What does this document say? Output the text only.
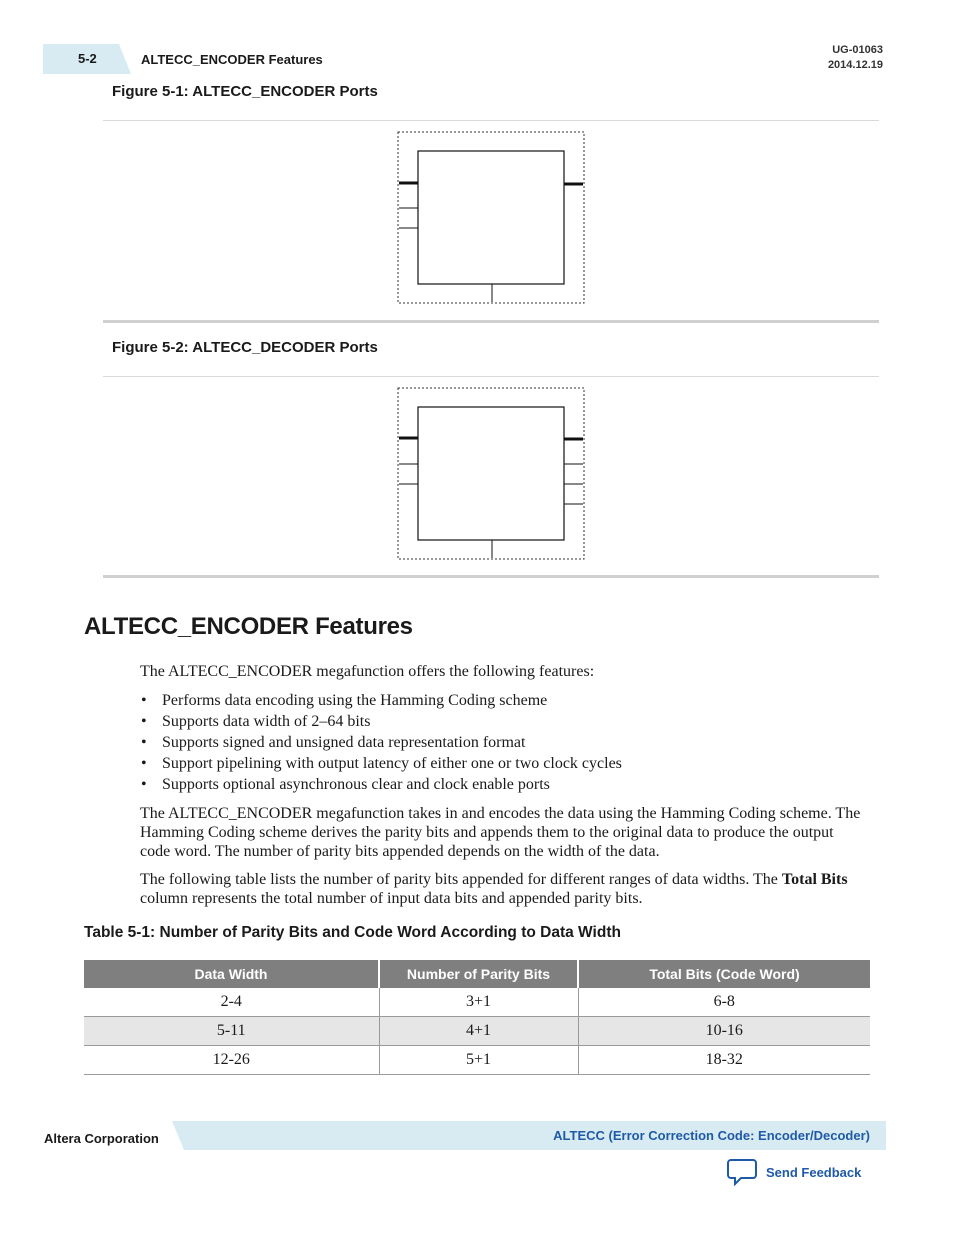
5-2	ALTECC_ENCODER Features
UG-01063
2014.12.19
Figure 5-1: ALTECC_ENCODER Ports
Figure 5-2: ALTECC_DECODER Ports
ALTECC_ENCODER Features
The ALTECC_ENCODER megafunction offers the following features:
• Performs data encoding using the Hamming Coding scheme
• Supports data width of 2–64 bits
• Supports signed and unsigned data representation format
• Support pipelining with output latency of either one or two clock cycles
• Supports optional asynchronous clear and clock enable ports
The ALTECC_ENCODER megafunction takes in and encodes the data using the Hamming Coding scheme. The Hamming Coding scheme derives the parity bits and appends them to the original data to produce the output code word. The number of parity bits appended depends on the width of the data.
The following table lists the number of parity bits appended for different ranges of data widths. The Total Bits column represents the total number of input data bits and appended parity bits.
Table 5-1: Number of Parity Bits and Code Word According to Data Width
Data Width	Number of Parity Bits	Total Bits (Code Word)
2-4	3+1	6-8
5-11	4+1	10-16
12-26	5+1	18-32
Altera Corporation	ALTECC (Error Correction Code: Encoder/Decoder)
Send Feedback
